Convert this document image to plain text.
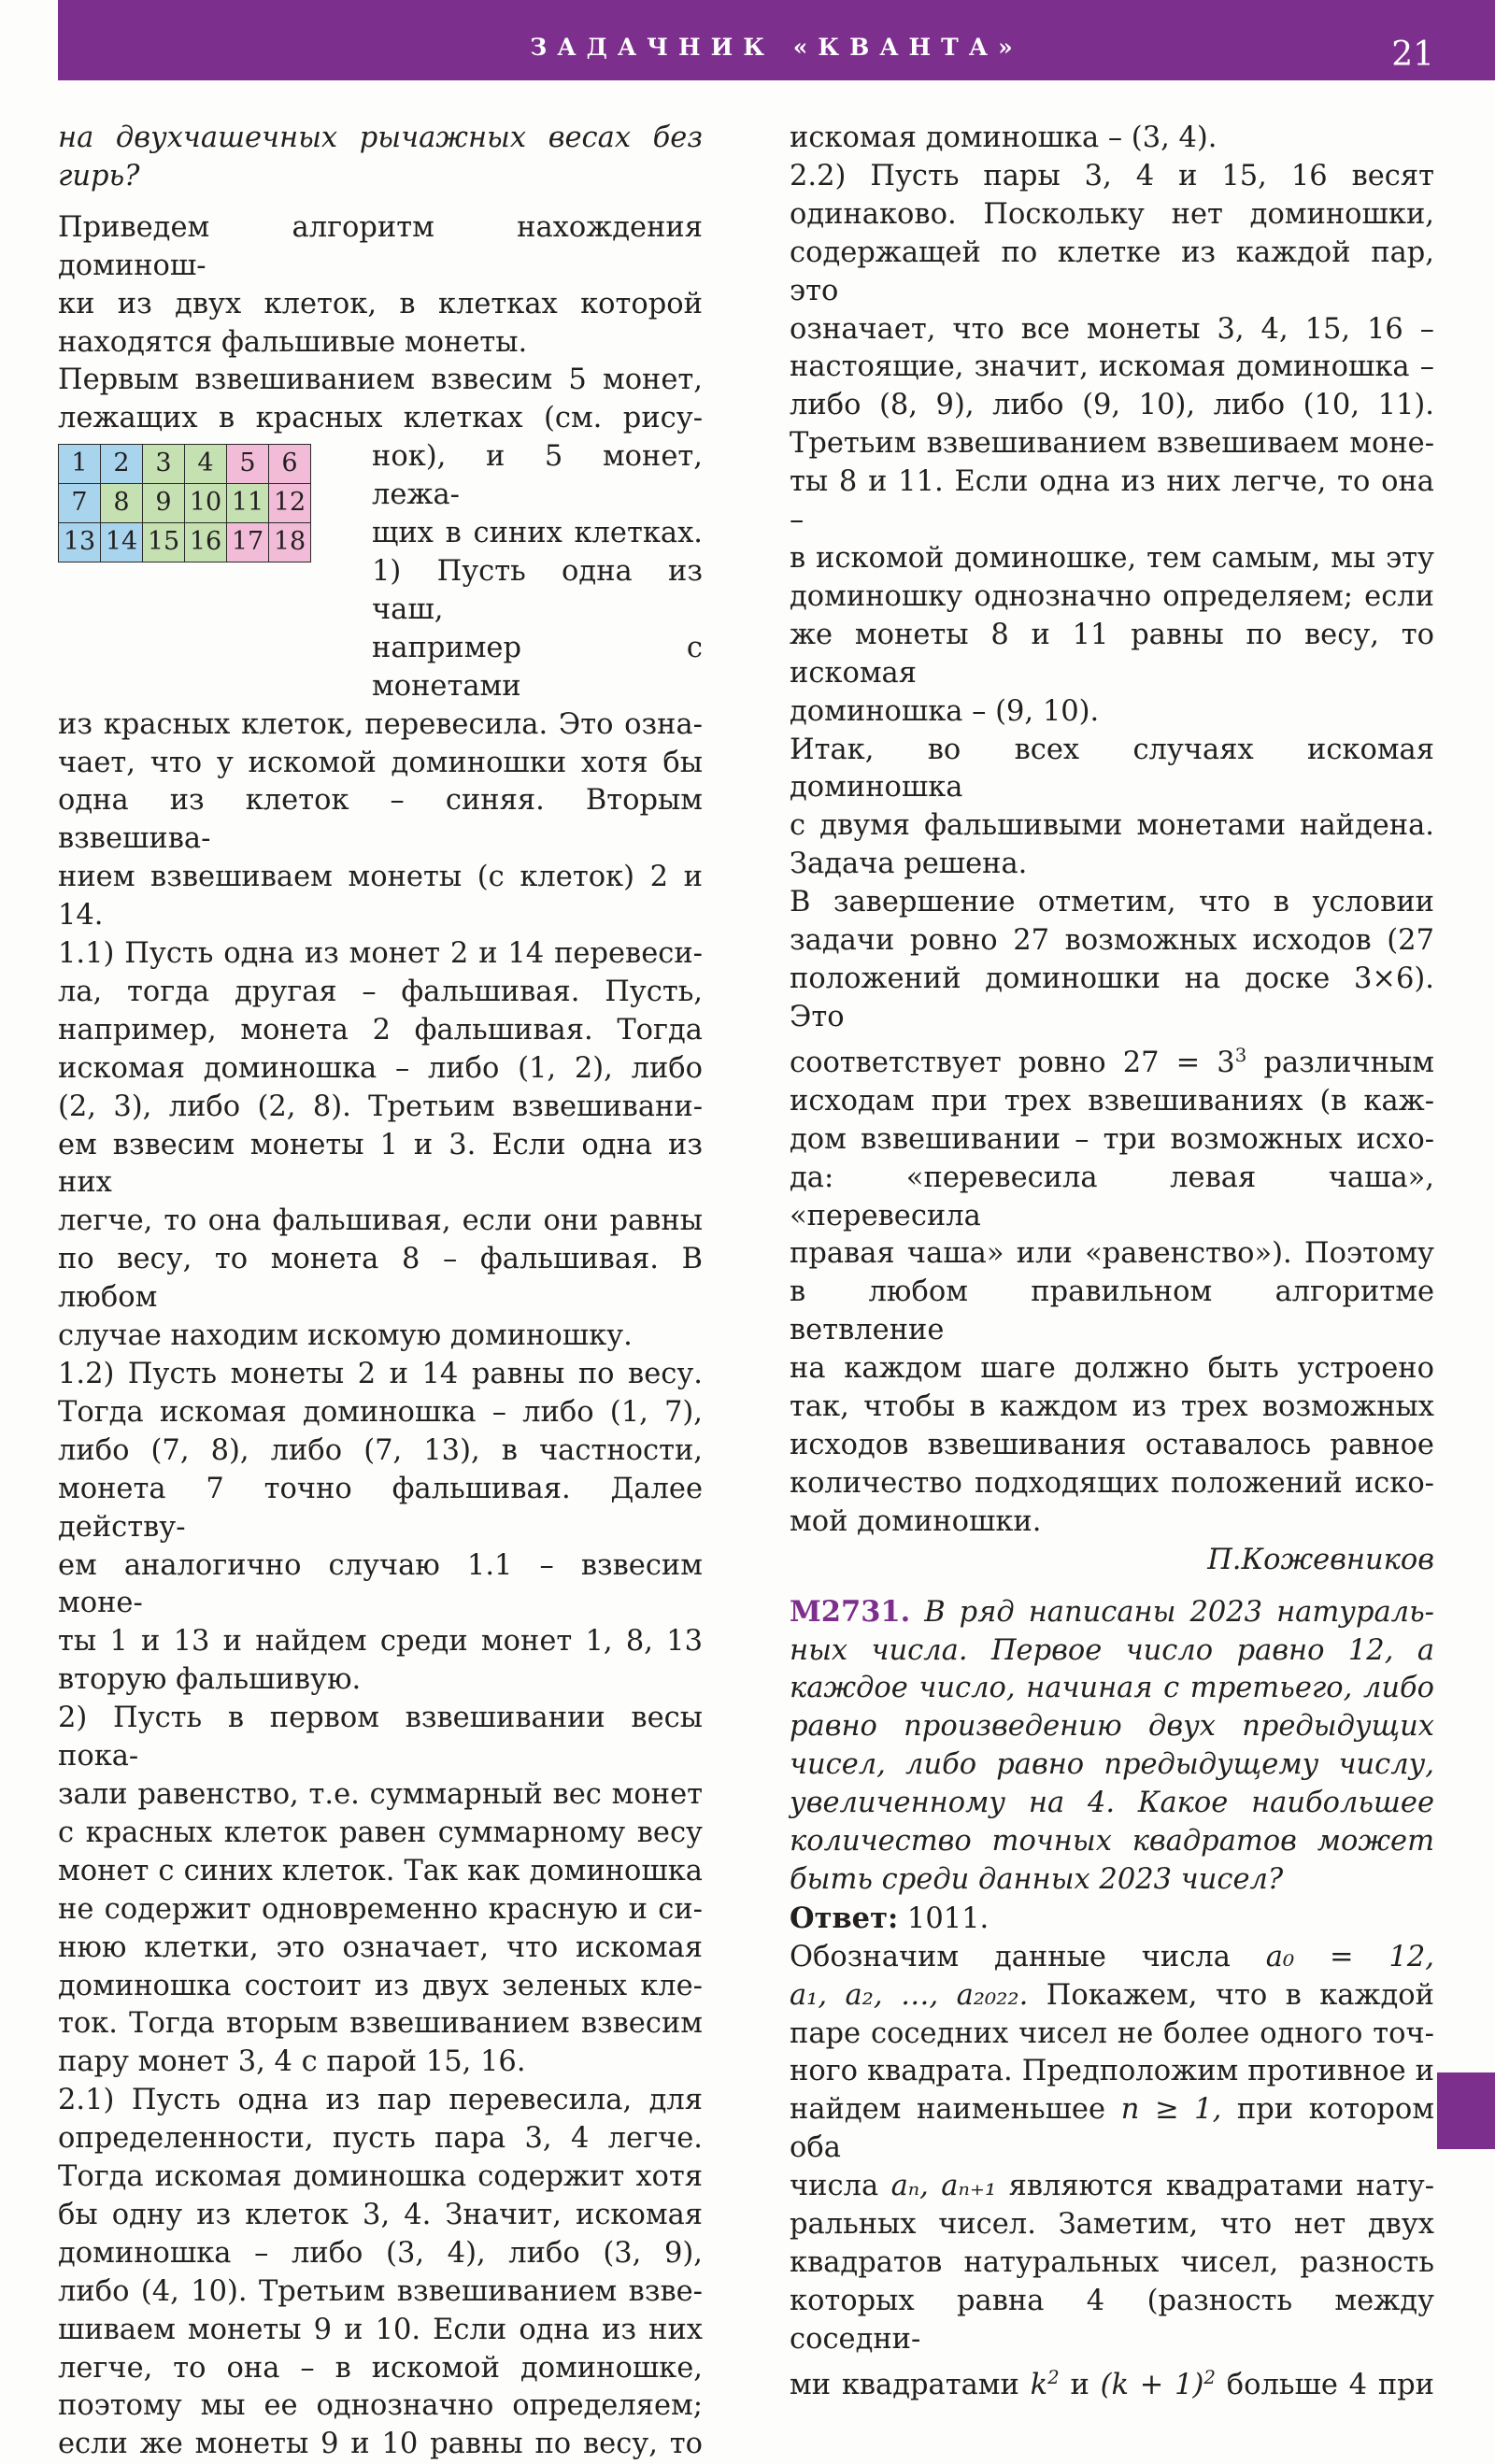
ЗАДАЧНИК «КВАНТА»	21

на двухчашечных рычажных весах без

гирь?

Приведем алгоритм нахождения доминош-

ки из двух клеток, в клетках которой

находятся фальшивые монеты.

Первым взвешиванием взвесим 5 монет,

лежащих в красных клетках (см. рису-

1	2	3	4	5	6
7	8	9	10	11	12
13	14	15	16	17	18

нок), и 5 монет, лежа-

щих в синих клетках.

1) Пусть одна из чаш,

например с монетами

из красных клеток, перевесила. Это озна-

чает, что у искомой доминошки хотя бы

одна из клеток – синяя. Вторым взвешива-

нием взвешиваем монеты (с клеток) 2 и 14.

1.1) Пусть одна из монет 2 и 14 перевеси-

ла, тогда другая – фальшивая. Пусть,

например, монета 2 фальшивая. Тогда

искомая доминошка – либо (1, 2), либо

(2, 3), либо (2, 8). Третьим взвешивани-

ем взвесим монеты 1 и 3. Если одна из них

легче, то она фальшивая, если они равны

по весу, то монета 8 – фальшивая. В любом

случае находим искомую доминошку.

1.2) Пусть монеты 2 и 14 равны по весу.

Тогда искомая доминошка – либо (1, 7),

либо (7, 8), либо (7, 13), в частности,

монета 7 точно фальшивая. Далее действу-

ем аналогично случаю 1.1 – взвесим моне-

ты 1 и 13 и найдем среди монет 1, 8, 13

вторую фальшивую.

2) Пусть в первом взвешивании весы пока-

зали равенство, т.е. суммарный вес монет

с красных клеток равен суммарному весу

монет с синих клеток. Так как доминошка

не содержит одновременно красную и си-

нюю клетки, это означает, что искомая

доминошка состоит из двух зеленых кле-

ток. Тогда вторым взвешиванием взвесим

пару монет 3, 4 с парой 15, 16.

2.1) Пусть одна из пар перевесила, для

определенности, пусть пара 3, 4 легче.

Тогда искомая доминошка содержит хотя

бы одну из клеток 3, 4. Значит, искомая

доминошка – либо (3, 4), либо (3, 9),

либо (4, 10). Третьим взвешиванием взве-

шиваем монеты 9 и 10. Если одна из них

легче, то она – в искомой доминошке,

поэтому мы ее однозначно определяем;

если же монеты 9 и 10 равны по весу, то

искомая доминошка – (3, 4).

2.2) Пусть пары 3, 4 и 15, 16 весят

одинаково. Поскольку нет доминошки,

содержащей по клетке из каждой пар, это

означает, что все монеты 3, 4, 15, 16 –

настоящие, значит, искомая доминошка –

либо (8, 9), либо (9, 10), либо (10, 11).

Третьим взвешиванием взвешиваем моне-

ты 8 и 11. Если одна из них легче, то она –

в искомой доминошке, тем самым, мы эту

доминошку однозначно определяем; если

же монеты 8 и 11 равны по весу, то искомая

доминошка – (9, 10).

Итак, во всех случаях искомая доминошка

с двумя фальшивыми монетами найдена.

Задача решена.

В завершение отметим, что в условии

задачи ровно 27 возможных исходов (27

положений доминошки на доске 3×6). Это

соответствует ровно $27 = 3^3$ различным

исходам при трех взвешиваниях (в каж-

дом взвешивании – три возможных исхо-

да: «перевесила левая чаша», «перевесила

правая чаша» или «равенство»). Поэтому

в любом правильном алгоритме ветвление

на каждом шаге должно быть устроено

так, чтобы в каждом из трех возможных

исходов взвешивания оставалось равное

количество подходящих положений иско-

мой доминошки.

П.Кожевников

М2731. В ряд написаны 2023 натураль-

ных числа. Первое число равно 12, а

каждое число, начиная с третьего, либо

равно произведению двух предыдущих

чисел, либо равно предыдущему числу,

увеличенному на 4. Какое наибольшее

количество точных квадратов может

быть среди данных 2023 чисел?

Ответ: 1011.

Обозначим данные числа a₀ = 12,

a₁, a₂, …, a₂₀₂₂. Покажем, что в каждой

паре соседних чисел не более одного точ-

ного квадрата. Предположим противное и

найдем наименьшее n ≥ 1, при котором оба

числа aₙ, aₙ₊₁ являются квадратами нату-

ральных чисел. Заметим, что нет двух

квадратов натуральных чисел, разность

которых равна 4 (разность между соседни-

ми квадратами $k^2$ и $(k + 1)^2$ больше 4 при
